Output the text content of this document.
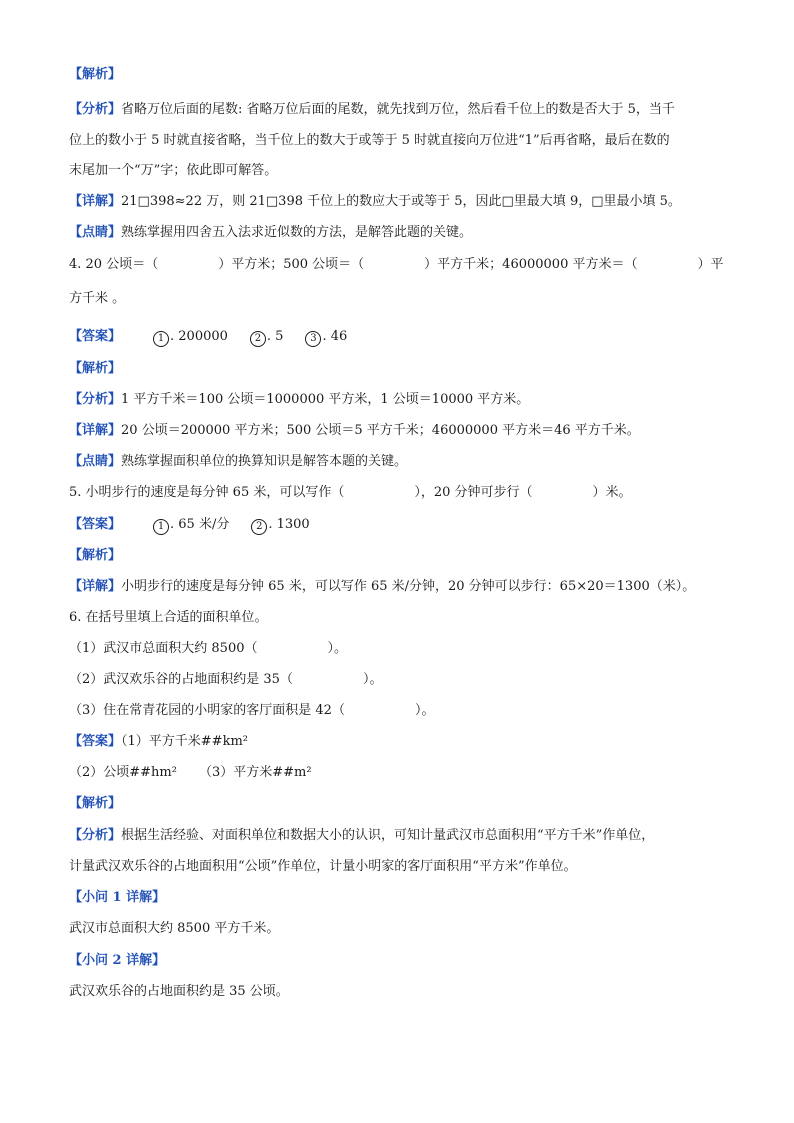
【解析】
【分析】省略万位后面的尾数: 省略万位后面的尾数，就先找到万位，然后看千位上的数是否大于 5，当千
位上的数小于 5 时就直接省略，当千位上的数大于或等于 5 时就直接向万位进“1”后再省略，最后在数的
末尾加一个“万”字；依此即可解答。
【详解】21□398≈22 万，则 21□398 千位上的数应大于或等于 5，因此□里最大填 9，□里最小填 5。
【点睛】熟练掌握用四舍五入法求近似数的方法，是解答此题的关键。
4. 20 公顷＝（	）平方米；500 公顷＝（	）平方千米；46000000 平方米＝（	）平
方千米 。
【答案】	1 . 200000	2 . 5	3 . 46
【解析】
【分析】1 平方千米＝100 公顷＝1000000 平方米，1 公顷＝10000 平方米。
【详解】20 公顷＝200000 平方米；500 公顷＝5 平方千米；46000000 平方米＝46 平方千米。
【点睛】熟练掌握面积单位的换算知识是解答本题的关键。
5. 小明步行的速度是每分钟 65 米，可以写作（	），20 分钟可步行（	）米。
【答案】	1 . 65 米/分	2 . 1300
【解析】
【详解】小明步行的速度是每分钟 65 米，可以写作 65 米/分钟，20 分钟可以步行：65×20＝1300（米）。
6. 在括号里填上合适的面积单位。
（1）武汉市总面积大约 8500（	）。
（2）武汉欢乐谷的占地面积约是 35（	）。
（3）住在常青花园的小明家的客厅面积是 42（	）。
【答案】（1）平方千米##km²
（2）公顷##hm² （3）平方米##m²
【解析】
【分析】根据生活经验、对面积单位和数据大小的认识，可知计量武汉市总面积用“平方千米”作单位，
计量武汉欢乐谷的占地面积用“公顷”作单位，计量小明家的客厅面积用“平方米”作单位。
【小问 1 详解】
武汉市总面积大约 8500 平方千米。
【小问 2 详解】
武汉欢乐谷的占地面积约是 35 公顷。
